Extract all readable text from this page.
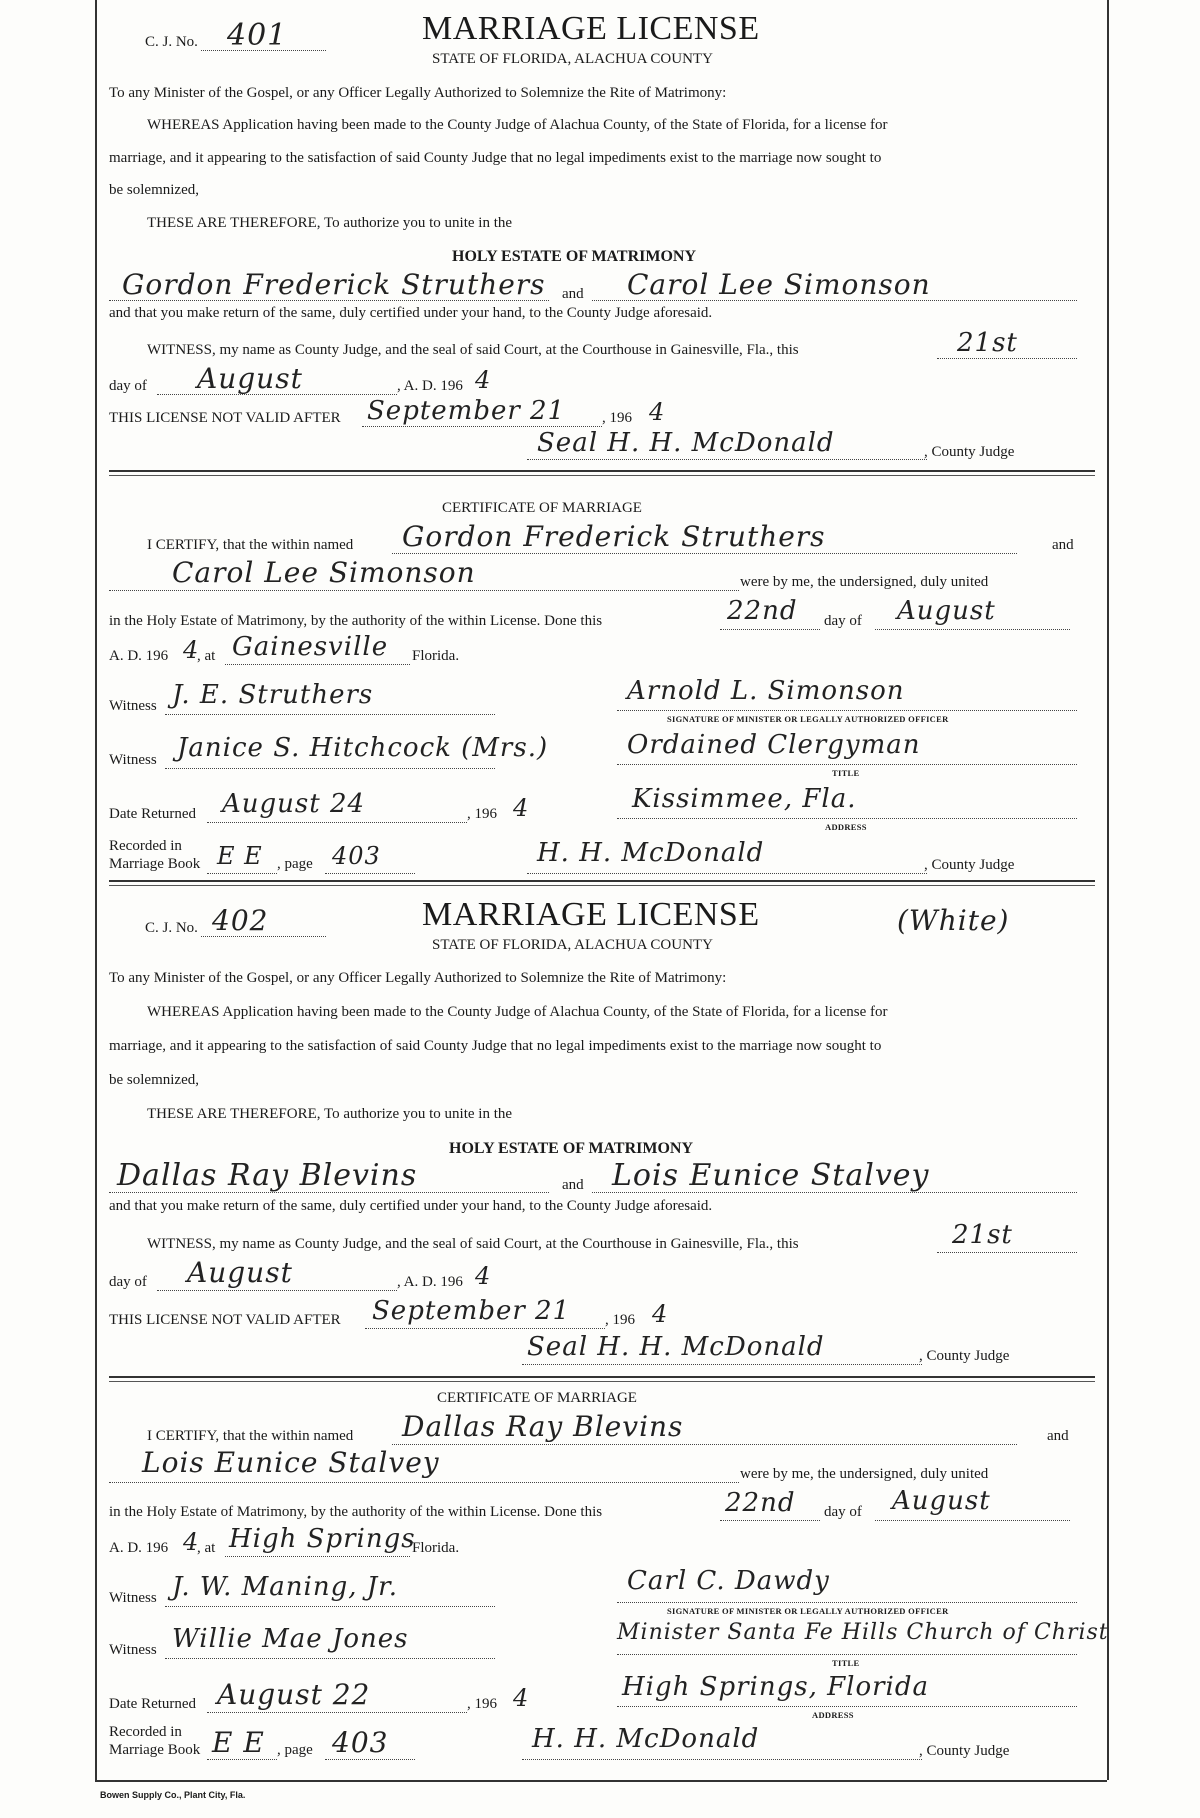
C. J. No. 401	MARRIAGE LICENSE
STATE OF FLORIDA, ALACHUA COUNTY
To any Minister of the Gospel, or any Officer Legally Authorized to Solemnize the Rite of Matrimony:
WHEREAS Application having been made to the County Judge of Alachua County, of the State of Florida, for a license for
marriage, and it appearing to the satisfaction of said County Judge that no legal impediments exist to the marriage now sought to
be solemnized,
THESE ARE THEREFORE, To authorize you to unite in the
HOLY ESTATE OF MATRIMONY
Gordon Frederick Struthers and Carol Lee Simonson
and that you make return of the same, duly certified under your hand, to the County Judge aforesaid.
WITNESS, my name as County Judge, and the seal of said Court, at the Courthouse in Gainesville, Fla., this	21st
day of August	, A. D. 196 4
THIS LICENSE NOT VALID AFTER September 21 , 196 4
Seal H. H. McDonald	, County Judge
CERTIFICATE OF MARRIAGE
I CERTIFY, that the within named Gordon Frederick Struthers	and
Carol Lee Simonson	were by me, the undersigned, duly united
in the Holy Estate of Matrimony, by the authority of the within License. Done this	22nd day of August
A. D. 196 4
, at Gainesville Florida.
Witness J. E. Struthers	Arnold L. Simonson
SIGNATURE OF MINISTER OR LEGALLY AUTHORIZED OFFICER
Witness Janice S. Hitchcock (Mrs.)	Ordained Clergyman
TITLE
Date Returned August 24	, 196 4	Kissimmee, Fla.
ADDRESS
Recorded in
Marriage Book E E , page 403	H. H. McDonald	, County Judge
C. J. No. 402	MARRIAGE LICENSE	(White)
STATE OF FLORIDA, ALACHUA COUNTY
To any Minister of the Gospel, or any Officer Legally Authorized to Solemnize the Rite of Matrimony:
WHEREAS Application having been made to the County Judge of Alachua County, of the State of Florida, for a license for
marriage, and it appearing to the satisfaction of said County Judge that no legal impediments exist to the marriage now sought to
be solemnized,
THESE ARE THEREFORE, To authorize you to unite in the
HOLY ESTATE OF MATRIMONY
Dallas Ray Blevins	and Lois Eunice Stalvey
and that you make return of the same, duly certified under your hand, to the County Judge aforesaid.
WITNESS, my name as County Judge, and the seal of said Court, at the Courthouse in Gainesville, Fla., this	21st
day of August	, A. D. 196 4
THIS LICENSE NOT VALID AFTER September 21 , 196 4
Seal H. H. McDonald	, County Judge
CERTIFICATE OF MARRIAGE
I CERTIFY, that the within named Dallas Ray Blevins	and
Lois Eunice Stalvey	were by me, the undersigned, duly united
in the Holy Estate of Matrimony, by the authority of the within License. Done this	22nd day of August
A. D. 196 4
, at High Springs
Florida.
Witness J. W. Maning, Jr.	Carl C. Dawdy
SIGNATURE OF MINISTER OR LEGALLY AUTHORIZED OFFICER
Witness Willie Mae Jones	Minister Santa Fe Hills Church of Christ
TITLE
Date Returned August 22	, 196 4	High Springs, Florida
ADDRESS
Recorded in
Marriage Book E E , page 403	H. H. McDonald	, County Judge
Bowen Supply Co., Plant City, Fla.
